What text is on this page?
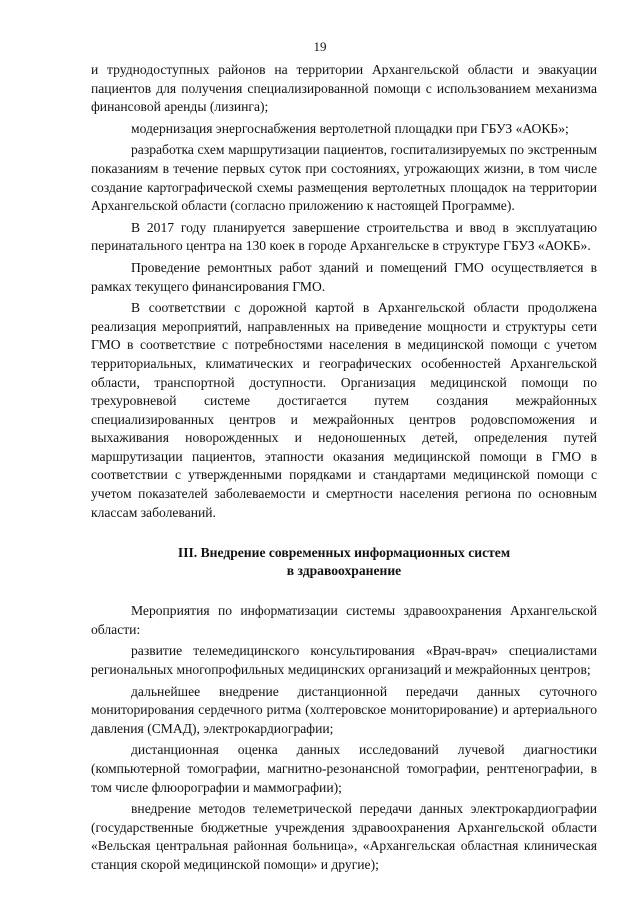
19

и труднодоступных районов на территории Архангельской области и эвакуации пациентов для получения специализированной помощи с использованием механизма финансовой аренды (лизинга);

модернизация энергоснабжения вертолетной площадки при ГБУЗ «АОКБ»;

разработка схем маршрутизации пациентов, госпитализируемых по экстренным показаниям в течение первых суток при состояниях, угрожающих жизни, в том числе создание картографической схемы размещения вертолетных площадок на территории Архангельской области (согласно приложению к настоящей Программе).

В 2017 году планируется завершение строительства и ввод в эксплуатацию перинатального центра на 130 коек в городе Архангельске в структуре ГБУЗ «АОКБ».

Проведение ремонтных работ зданий и помещений ГМО осуществляется в рамках текущего финансирования ГМО.

В соответствии с дорожной картой в Архангельской области продолжена реализация мероприятий, направленных на приведение мощности и структуры сети ГМО в соответствие с потребностями населения в медицинской помощи с учетом территориальных, климатических и географических особенностей Архангельской области, транспортной доступности. Организация медицинской помощи по трехуровневой системе достигается путем создания межрайонных специализированных центров и межрайонных центров родовспоможения и выхаживания новорожденных и недоношенных детей, определения путей маршрутизации пациентов, этапности оказания медицинской помощи в ГМО в соответствии с утвержденными порядками и стандартами медицинской помощи с учетом показателей заболеваемости и смертности населения региона по основным классам заболеваний.

III. Внедрение современных информационных систем
в здравоохранение

Мероприятия по информатизации системы здравоохранения Архангельской области:

развитие телемедицинского консультирования «Врач-врач» специалистами региональных многопрофильных медицинских организаций и межрайонных центров;

дальнейшее внедрение дистанционной передачи данных суточного мониторирования сердечного ритма (холтеровское мониторирование) и артериального давления (СМАД), электрокардиографии;

дистанционная оценка данных исследований лучевой диагностики (компьютерной томографии, магнитно-резонансной томографии, рентгенографии, в том числе флюорографии и маммографии);

внедрение методов телеметрической передачи данных электрокардиографии (государственные бюджетные учреждения здравоохранения Архангельской области «Вельская центральная районная больница», «Архангельская областная клиническая станция скорой медицинской помощи» и другие);
